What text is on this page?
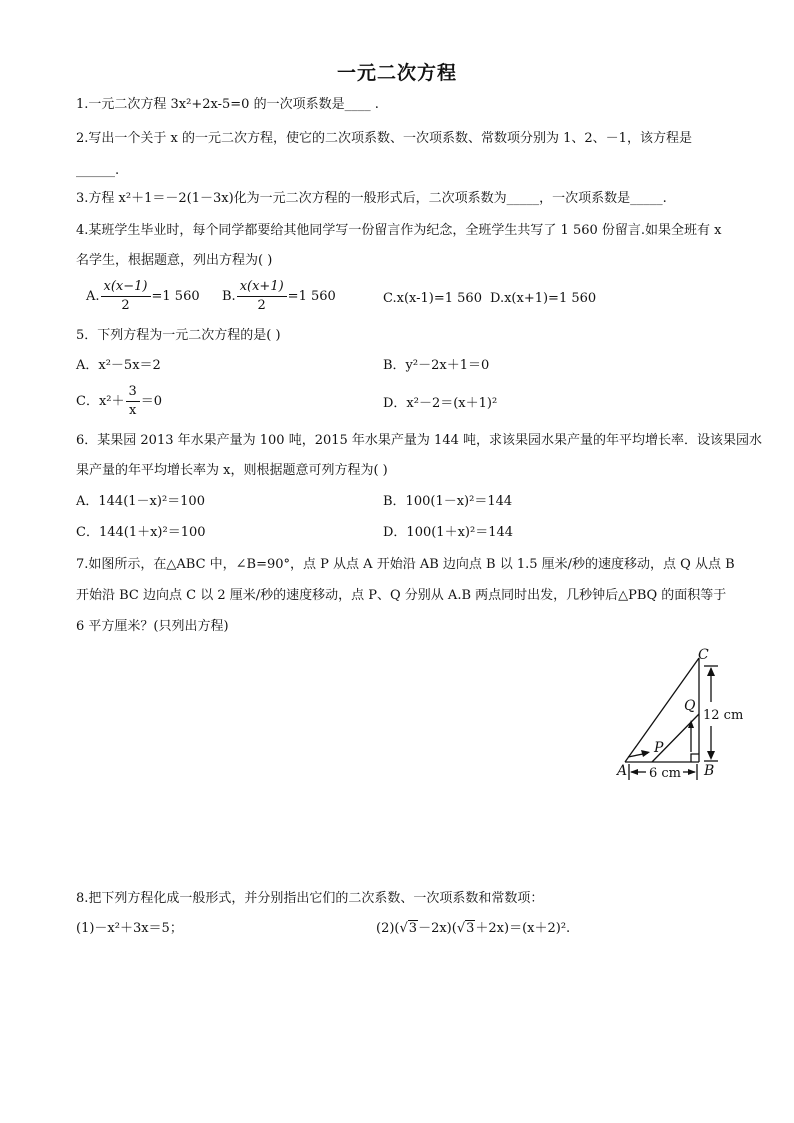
一元二次方程
1.一元二次方程 3x²+2x-5=0 的一次项系数是____ .
2.写出一个关于 x 的一元二次方程，使它的二次项系数、一次项系数、常数项分别为 1、2、－1，该方程是
______.
3.方程 x²＋1＝－2(1－3x)化为一元二次方程的一般形式后，二次项系数为_____，一次项系数是_____.
4.某班学生毕业时，每个同学都要给其他同学写一份留言作为纪念，全班学生共写了 1 560 份留言.如果全班有 x
名学生，根据题意，列出方程为( )
A. $\frac{x(x-1)}{2} =1$ 560 B. $\frac{x(x+1)}{2} =1$ 560	C.x(x-1)=1 560 D.x(x+1)=1 560
5．下列方程为一元二次方程的是( )
A．x²－5x＝2	B．y²－2x＋1＝0
C．$x^2+ \frac{3}{x} =0$	D．x²－2＝(x＋1)²
6．某果园 2013 年水果产量为 100 吨，2015 年水果产量为 144 吨，求该果园水果产量的年平均增长率．设该果园水
果产量的年平均增长率为 x，则根据题意可列方程为( )
A．144(1－x)²＝100	B．100(1－x)²＝144
C．144(1＋x)²＝100	D．100(1＋x)²＝144
7.如图所示，在△ABC 中，∠B=90°，点 P 从点 A 开始沿 AB 边向点 B 以 1.5 厘米/秒的速度移动，点 Q 从点 B
开始沿 BC 边向点 C 以 2 厘米/秒的速度移动，点 P、Q 分别从 A.B 两点同时出发，几秒钟后△PBQ 的面积等于
6 平方厘米？(只列出方程)
C
Q
P
A	B
12 cm
6 cm
8.把下列方程化成一般形式，并分别指出它们的二次系数、一次项系数和常数项：
(1)－x²＋3x＝5；	(2)(√3－2x)(√3＋2x)＝(x＋2)².
